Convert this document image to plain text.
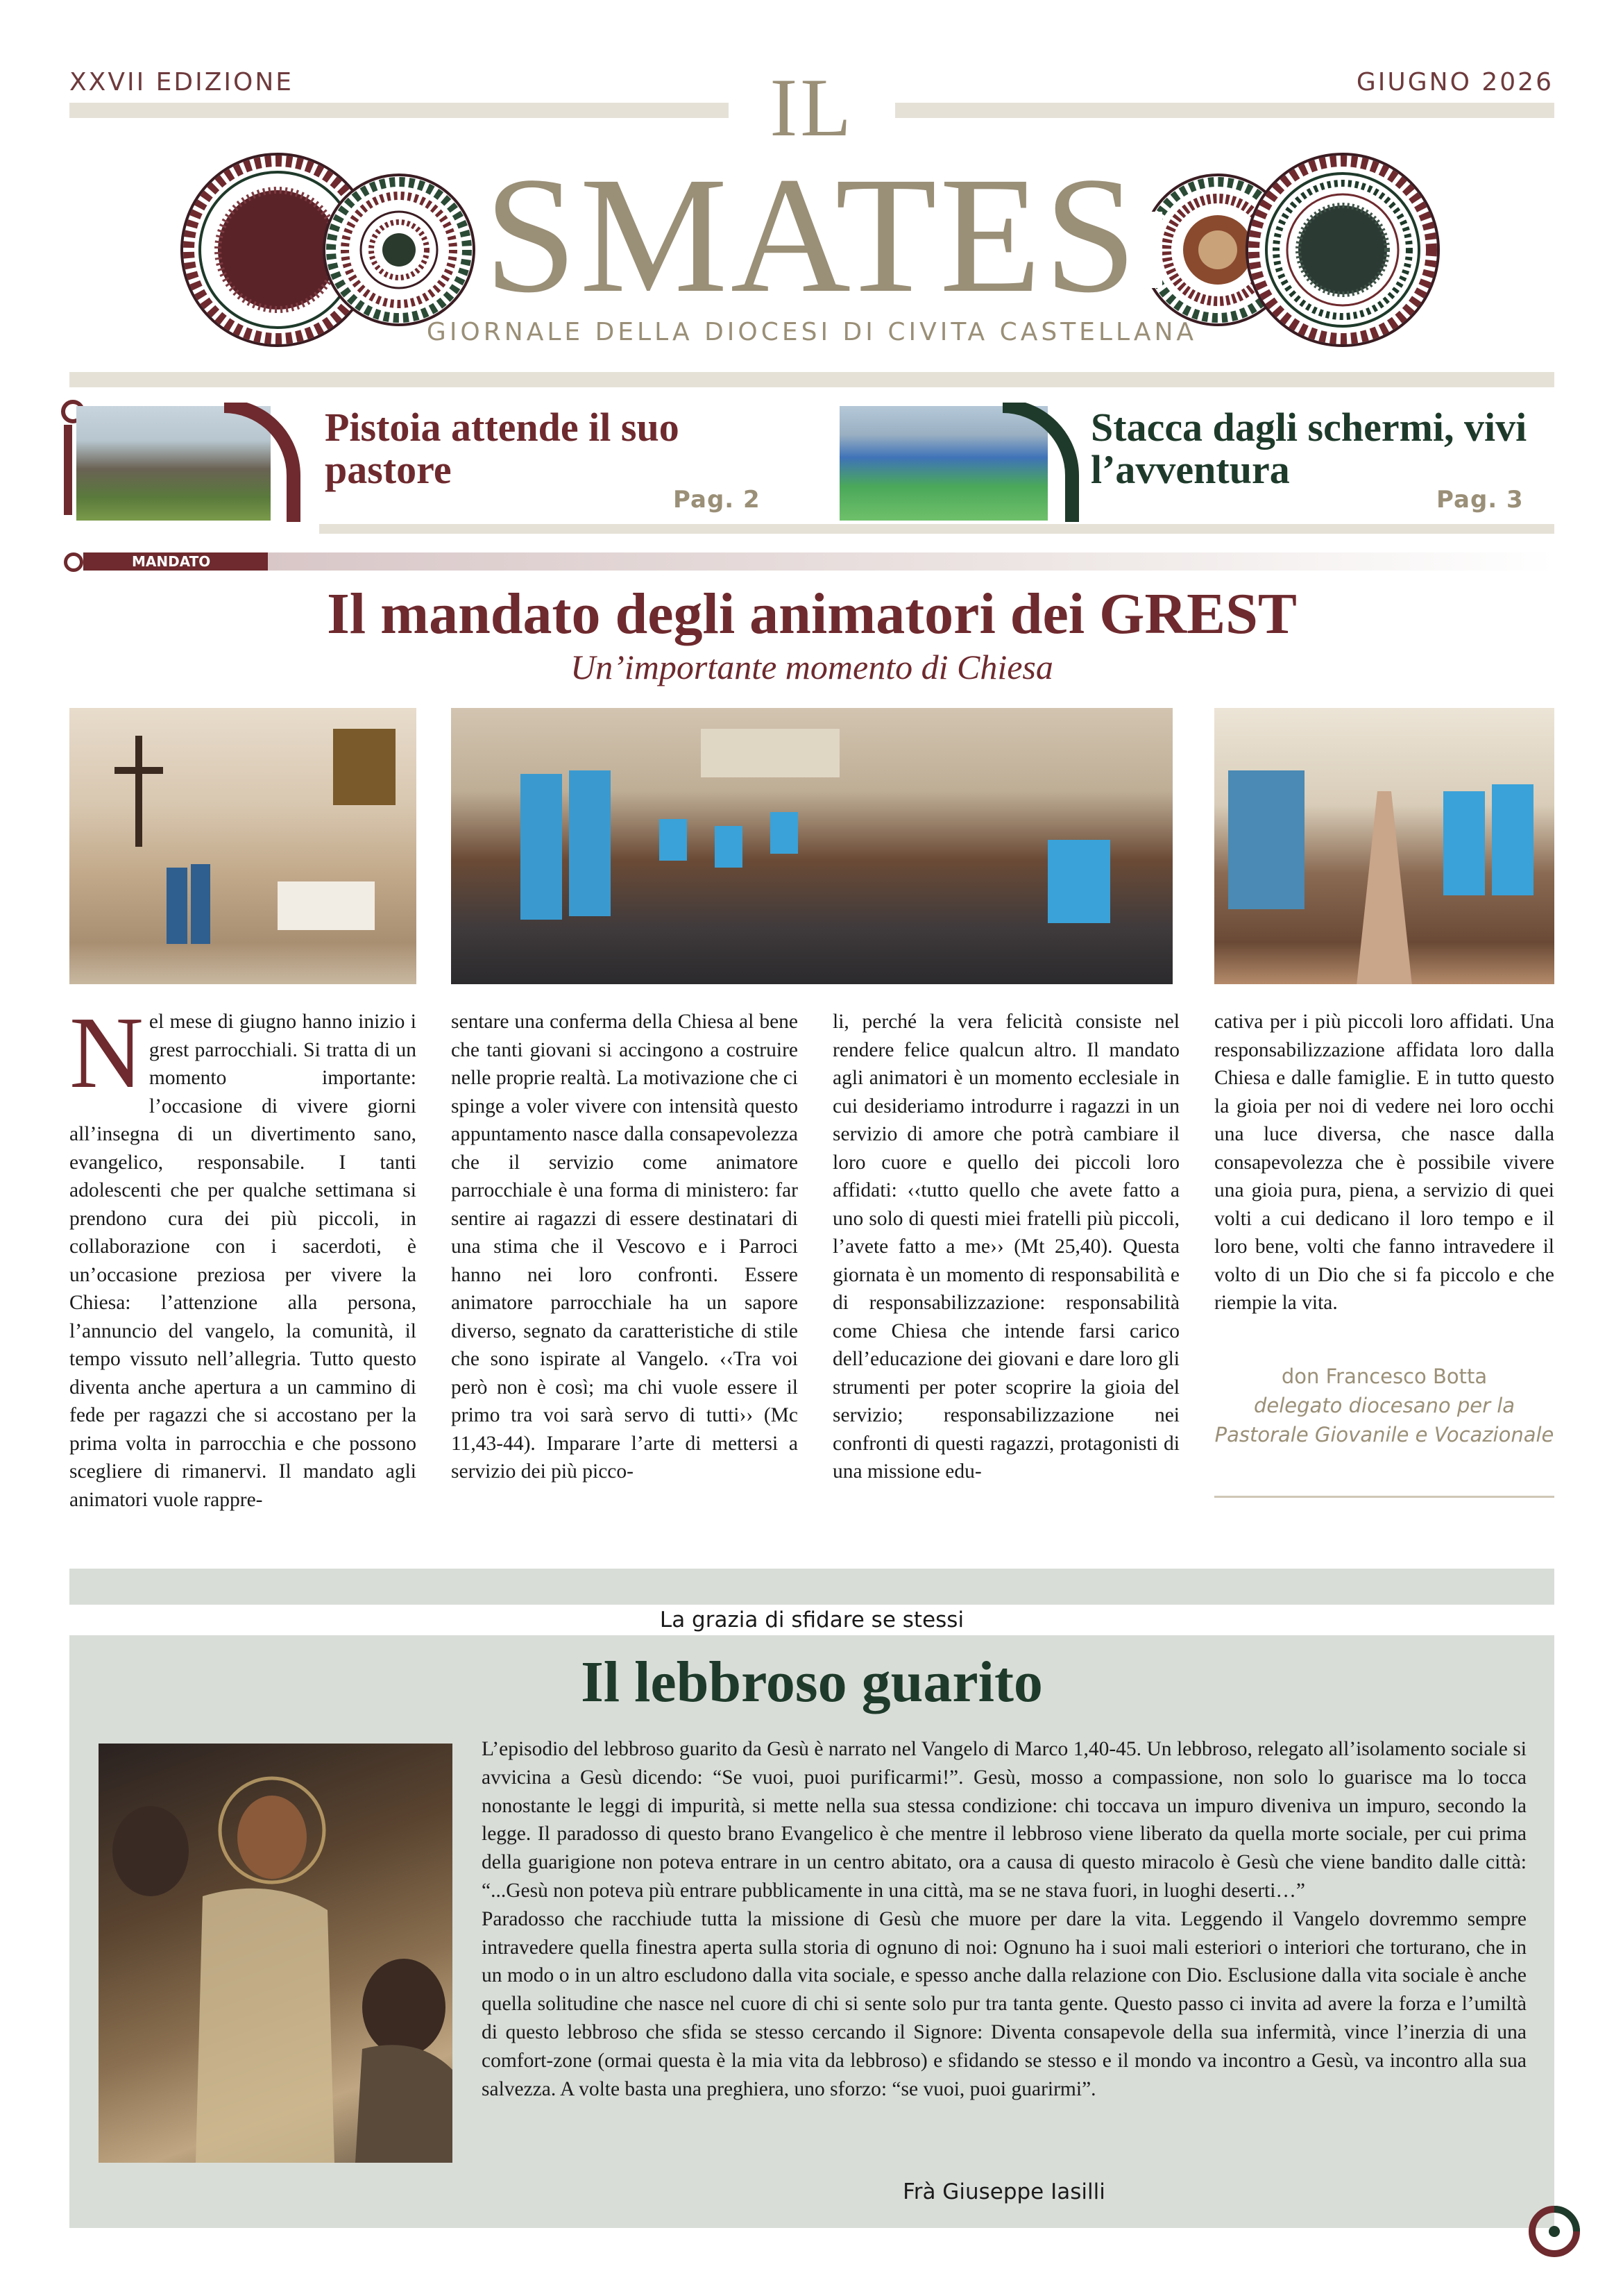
XXVII EDIZIONE	GIUGNO 2026
IL
SMATES
GIORNALE DELLA DIOCESI DI CIVITA CASTELLANA
Pistoia attende il suo pastore
Pag. 2
Stacca dagli schermi, vivi l’avventura
Pag. 3
MANDATO
Il mandato degli animatori dei GREST
Un’importante momento di Chiesa
Nel mese di giugno hanno inizio i grest parrocchiali. Si tratta di un momento importante: l’occasione di vivere giorni all’insegna di un divertimento sano, evangelico, responsabile. I tanti adolescenti che per qualche settimana si prendono cura dei più piccoli, in collaborazione con i sacerdoti, è un’occasione preziosa per vivere la Chiesa: l’attenzione alla persona, l’annuncio del vangelo, la comunità, il tempo vissuto nell’allegria. Tutto questo diventa anche apertura a un cammino di fede per ragazzi che si accostano per la prima volta in parrocchia e che possono scegliere di rimanervi. Il mandato agli animatori vuole rappre-
sentare una conferma della Chiesa al bene che tanti giovani si accingono a costruire nelle proprie realtà. La motivazione che ci spinge a voler vivere con intensità questo appuntamento nasce dalla consapevolezza che il servizio come animatore parrocchiale è una forma di ministero: far sentire ai ragazzi di essere destinatari di una stima che il Vescovo e i Parroci hanno nei loro confronti. Essere animatore parrocchiale ha un sapore diverso, segnato da caratteristiche di stile che sono ispirate al Vangelo. ‹‹Tra voi però non è così; ma chi vuole essere il primo tra voi sarà servo di tutti›› (Mc 11,43-44). Imparare l’arte di mettersi a servizio dei più picco-
li, perché la vera felicità consiste nel rendere felice qualcun altro. Il mandato agli animatori è un momento ecclesiale in cui desideriamo introdurre i ragazzi in un servizio di amore che potrà cambiare il loro cuore e quello dei piccoli loro affidati: ‹‹tutto quello che avete fatto a uno solo di questi miei fratelli più piccoli, l’avete fatto a me›› (Mt 25,40). Questa giornata è un momento di responsabilità e di responsabilizzazione: responsabilità come Chiesa che intende farsi carico dell’educazione dei giovani e dare loro gli strumenti per poter scoprire la gioia del servizio; responsabilizzazione nei confronti di questi ragazzi, protagonisti di una missione edu-
cativa per i più piccoli loro affidati. Una responsabilizzazione affidata loro dalla Chiesa e dalle famiglie. E in tutto questo la gioia per noi di vedere nei loro occhi una luce diversa, che nasce dalla consapevolezza che è possibile vivere una gioia pura, piena, a servizio di quei volti a cui dedicano il loro tempo e il loro bene, volti che fanno intravedere il volto di un Dio che si fa piccolo e che riempie la vita.
don Francesco Botta
delegato diocesano per la
Pastorale Giovanile e Vocazionale
La grazia di sfidare se stessi
Il lebbroso guarito
L’episodio del lebbroso guarito da Gesù è narrato nel Vangelo di Marco 1,40-45. Un lebbroso, relegato all’isolamento sociale si avvicina a Gesù dicendo: “Se vuoi, puoi purificarmi!”. Gesù, mosso a compassione, non solo lo guarisce ma lo tocca nonostante le leggi di impurità, si mette nella sua stessa condizione: chi toccava un impuro diveniva un impuro, secondo la legge. Il paradosso di questo brano Evangelico è che mentre il lebbroso viene liberato da quella morte sociale, per cui prima della guarigione non poteva entrare in un centro abitato, ora a causa di questo miracolo è Gesù che viene bandito dalle città: “...Gesù non poteva più entrare pubblicamente in una città, ma se ne stava fuori, in luoghi deserti…”
Paradosso che racchiude tutta la missione di Gesù che muore per dare la vita. Leggendo il Vangelo dovremmo sempre intravedere quella finestra aperta sulla storia di ognuno di noi: Ognuno ha i suoi mali esteriori o interiori che torturano, che in un modo o in un altro escludono dalla vita sociale, e spesso anche dalla relazione con Dio. Esclusione dalla vita sociale è anche quella solitudine che nasce nel cuore di chi si sente solo pur tra tanta gente. Questo passo ci invita ad avere la forza e l’umiltà di questo lebbroso che sfida se stesso cercando il Signore: Diventa consapevole della sua infermità, vince l’inerzia di una comfort-zone (ormai questa è la mia vita da lebbroso) e sfidando se stesso e il mondo va incontro a Gesù, va incontro alla sua salvezza. A volte basta una preghiera, uno sforzo: “se vuoi, puoi guarirmi”.
Frà Giuseppe Iasilli
